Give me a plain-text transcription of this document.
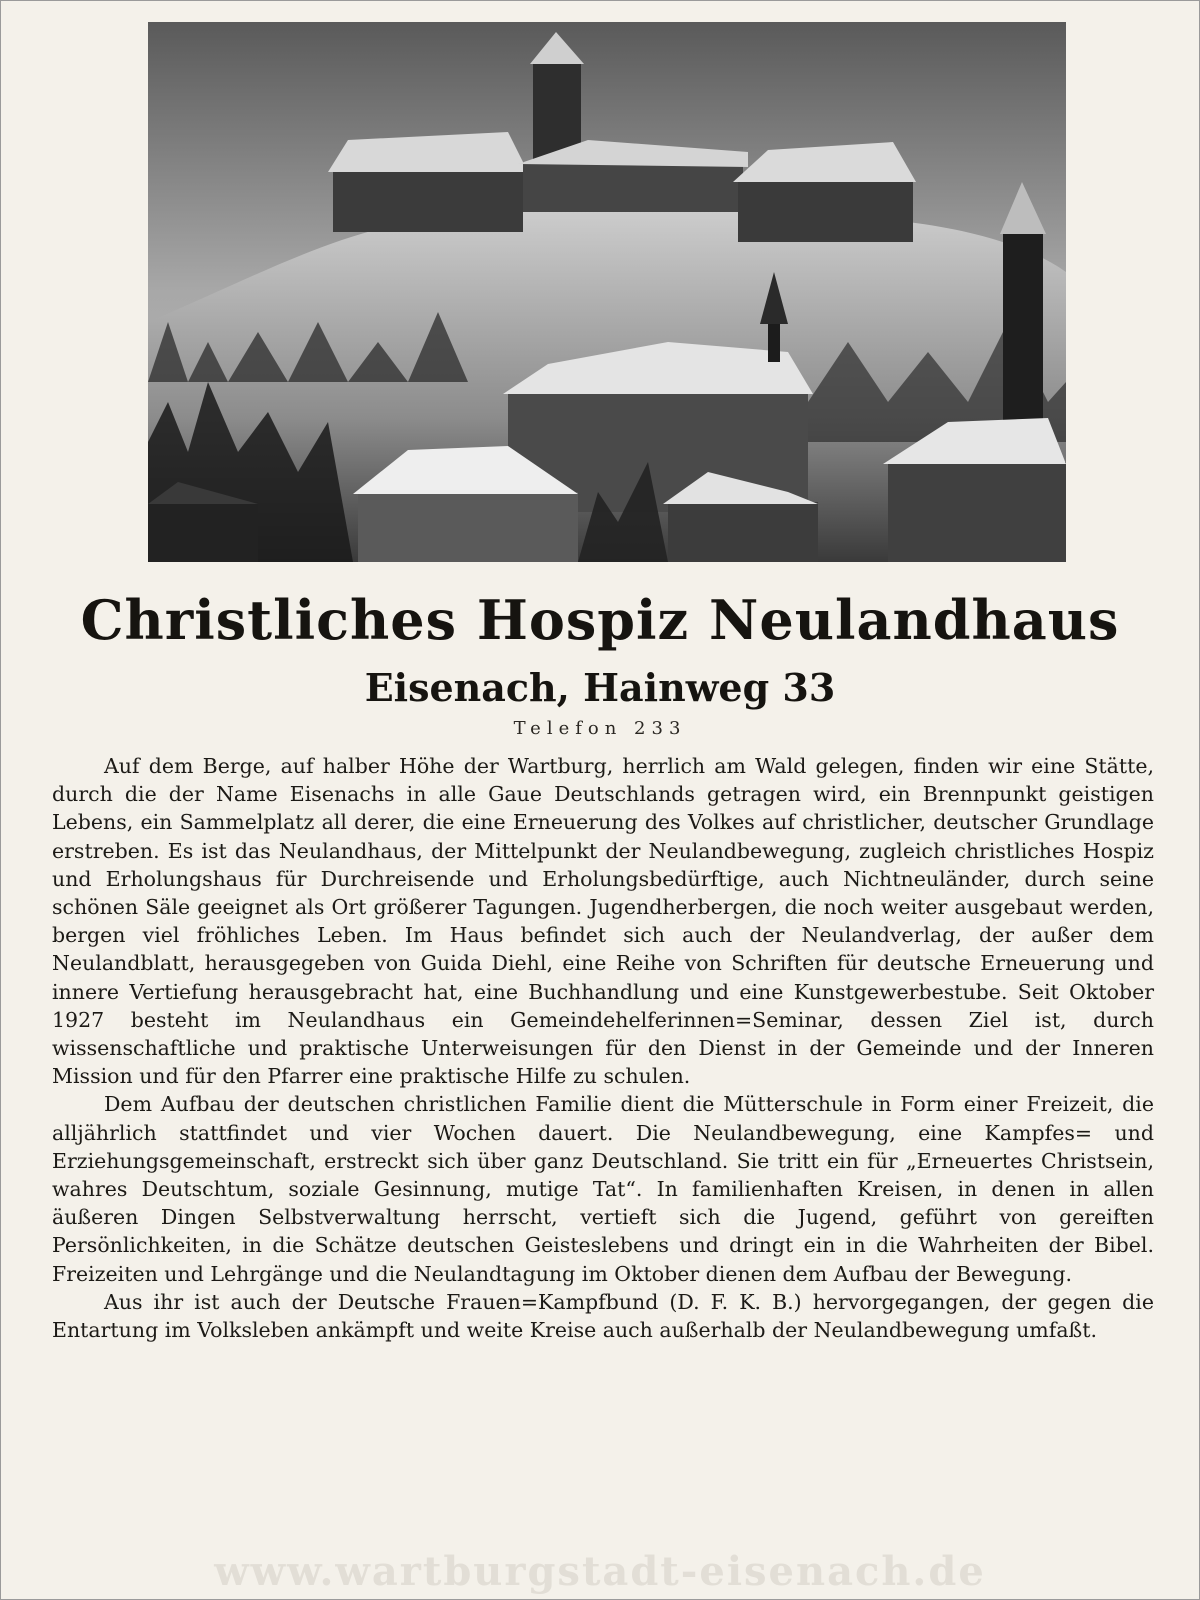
Christliches Hospiz Neulandhaus
Eisenach, Hainweg 33
Telefon 233

Auf dem Berge, auf halber Höhe der Wartburg, herrlich am Wald gelegen, finden wir eine Stätte, durch die der Name Eisenachs in alle Gaue Deutschlands getragen wird, ein Brennpunkt geistigen Lebens, ein Sammelplatz all derer, die eine Erneuerung des Volkes auf christlicher, deutscher Grundlage erstreben. Es ist das Neulandhaus, der Mittelpunkt der Neulandbewegung, zugleich christliches Hospiz und Erholungshaus für Durchreisende und Erholungsbedürftige, auch Nichtneuländer, durch seine schönen Säle geeignet als Ort größerer Tagungen. Jugendherbergen, die noch weiter ausgebaut werden, bergen viel fröhliches Leben. Im Haus befindet sich auch der Neulandverlag, der außer dem Neulandblatt, herausgegeben von Guida Diehl, eine Reihe von Schriften für deutsche Erneuerung und innere Vertiefung herausgebracht hat, eine Buchhandlung und eine Kunstgewerbestube. Seit Oktober 1927 besteht im Neulandhaus ein Gemeindehelferinnen=Seminar, dessen Ziel ist, durch wissenschaftliche und praktische Unterweisungen für den Dienst in der Gemeinde und der Inneren Mission und für den Pfarrer eine praktische Hilfe zu schulen.

Dem Aufbau der deutschen christlichen Familie dient die Mütterschule in Form einer Freizeit, die alljährlich stattfindet und vier Wochen dauert. Die Neulandbewegung, eine Kampfes= und Erziehungsgemeinschaft, erstreckt sich über ganz Deutschland. Sie tritt ein für „Erneuertes Christsein, wahres Deutschtum, soziale Gesinnung, mutige Tat“. In familienhaften Kreisen, in denen in allen äußeren Dingen Selbstverwaltung herrscht, vertieft sich die Jugend, geführt von gereiften Persönlichkeiten, in die Schätze deutschen Geisteslebens und dringt ein in die Wahrheiten der Bibel. Freizeiten und Lehrgänge und die Neulandtagung im Oktober dienen dem Aufbau der Bewegung.

Aus ihr ist auch der Deutsche Frauen=Kampfbund (D. F. K. B.) hervorgegangen, der gegen die Entartung im Volksleben ankämpft und weite Kreise auch außerhalb der Neulandbewegung umfaßt.

www.wartburgstadt-eisenach.de
